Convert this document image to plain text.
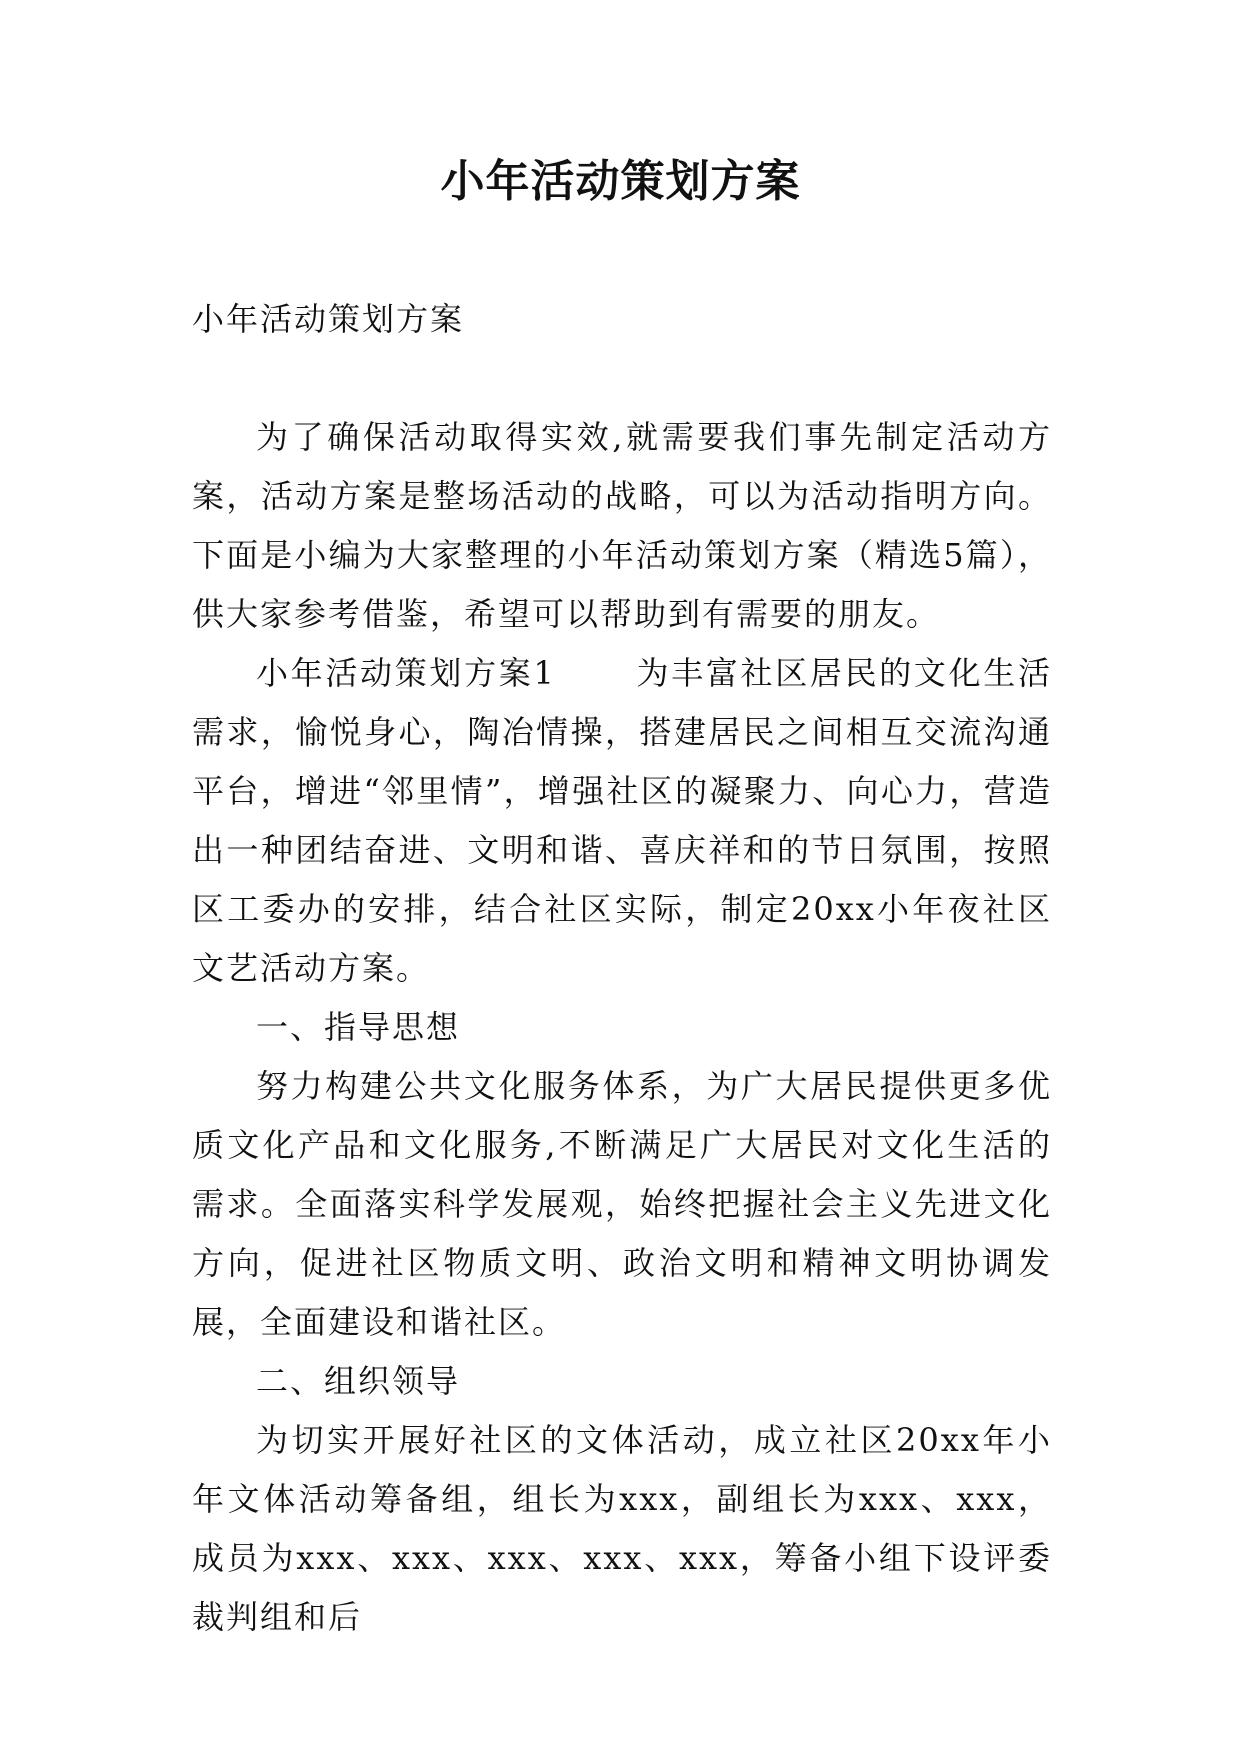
小年活动策划方案

小年活动策划方案

为了确保活动取得实效,就需要我们事先制定活动方案，活动方案是整场活动的战略，可以为活动指明方向。下面是小编为大家整理的小年活动策划方案（精选5篇），供大家参考借鉴，希望可以帮助到有需要的朋友。

小年活动策划方案1	为丰富社区居民的文化生活需求，愉悦身心，陶冶情操，搭建居民之间相互交流沟通平台，增进“邻里情”，增强社区的凝聚力、向心力，营造出一种团结奋进、文明和谐、喜庆祥和的节日氛围，按照区工委办的安排，结合社区实际，制定20xx小年夜社区文艺活动方案。

一、指导思想

努力构建公共文化服务体系，为广大居民提供更多优质文化产品和文化服务,不断满足广大居民对文化生活的需求。全面落实科学发展观，始终把握社会主义先进文化方向，促进社区物质文明、政治文明和精神文明协调发展，全面建设和谐社区。

二、组织领导

为切实开展好社区的文体活动，成立社区20xx年小年文体活动筹备组，组长为xxx，副组长为xxx、xxx，成员为xxx、xxx、xxx、xxx、xxx，筹备小组下设评委裁判组和后
